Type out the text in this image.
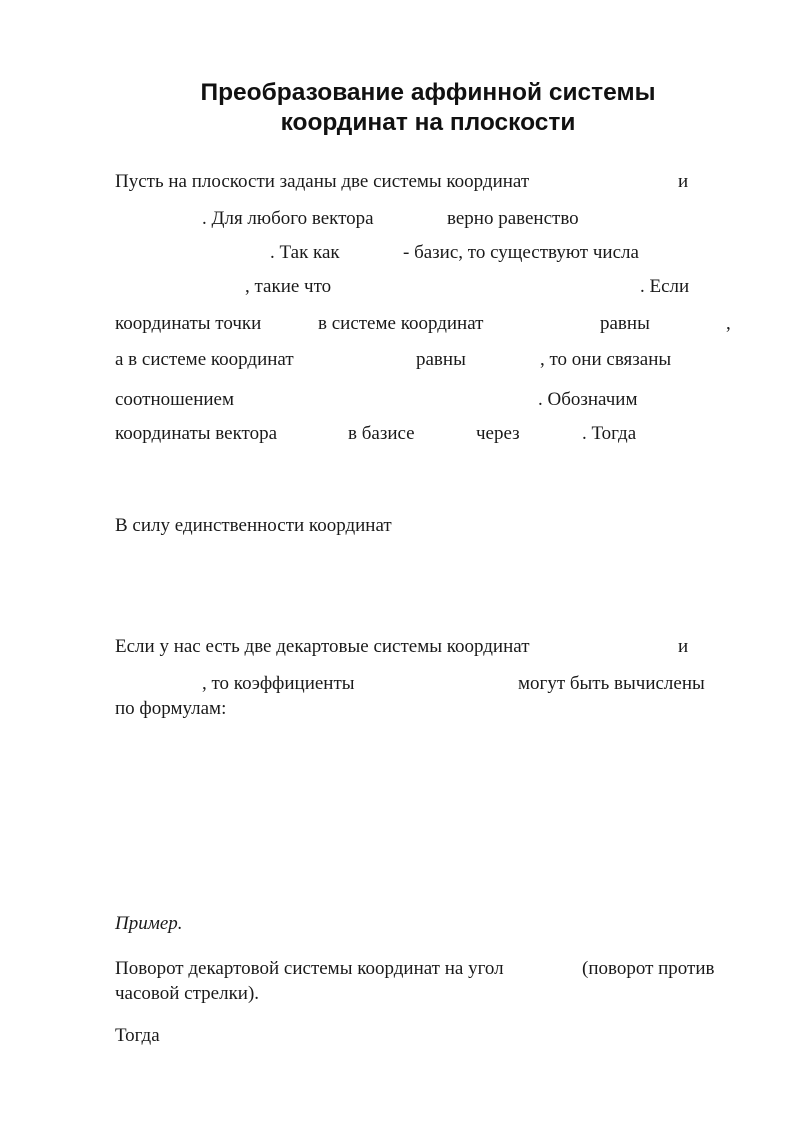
Преобразование аффинной системы
координат на плоскости
Пусть на плоскости заданы две системы координат	и
. Для любого вектора	верно равенство
. Так как	- базис, то существуют числа
, такие что	. Если
координаты точки	в системе координат	равны	,
а в системе координат	равны	, то они связаны
соотношением	. Обозначим
координаты вектора	в базисе	через	. Тогда
В силу единственности координат
Если у нас есть две декартовые системы координат	и
, то коэффициенты	могут быть вычислены
по формулам:
Пример.
Поворот декартовой системы координат на угол	(поворот против
часовой стрелки).
Тогда
